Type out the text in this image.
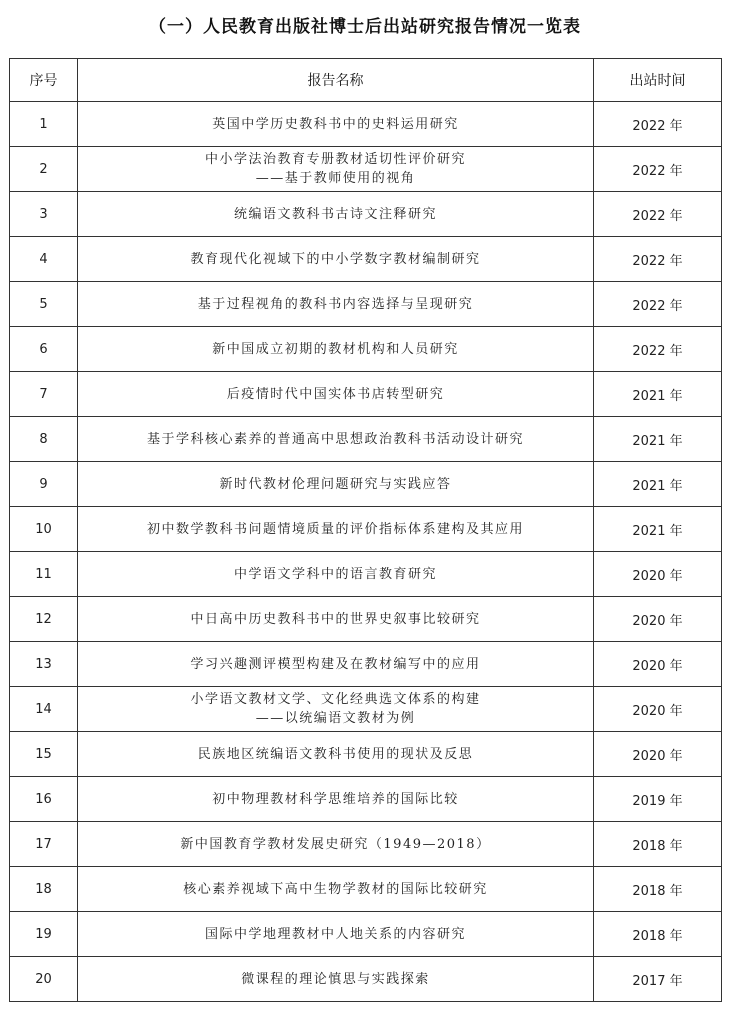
（一）人民教育出版社博士后出站研究报告情况一览表
序号	报告名称	出站时间
1	英国中学历史教科书中的史料运用研究	2022 年
2	中小学法治教育专册教材适切性评价研究
——基于教师使用的视角	2022 年
3	统编语文教科书古诗文注释研究	2022 年
4	教育现代化视域下的中小学数字教材编制研究	2022 年
5	基于过程视角的教科书内容选择与呈现研究	2022 年
6	新中国成立初期的教材机构和人员研究	2022 年
7	后疫情时代中国实体书店转型研究	2021 年
8	基于学科核心素养的普通高中思想政治教科书活动设计研究	2021 年
9	新时代教材伦理问题研究与实践应答	2021 年
10	初中数学教科书问题情境质量的评价指标体系建构及其应用	2021 年
11	中学语文学科中的语言教育研究	2020 年
12	中日高中历史教科书中的世界史叙事比较研究	2020 年
13	学习兴趣测评模型构建及在教材编写中的应用	2020 年
14	小学语文教材文学、文化经典选文体系的构建
——以统编语文教材为例	2020 年
15	民族地区统编语文教科书使用的现状及反思	2020 年
16	初中物理教材科学思维培养的国际比较	2019 年
17	新中国教育学教材发展史研究（1949—2018）	2018 年
18	核心素养视域下高中生物学教材的国际比较研究	2018 年
19	国际中学地理教材中人地关系的内容研究	2018 年
20	微课程的理论慎思与实践探索	2017 年
